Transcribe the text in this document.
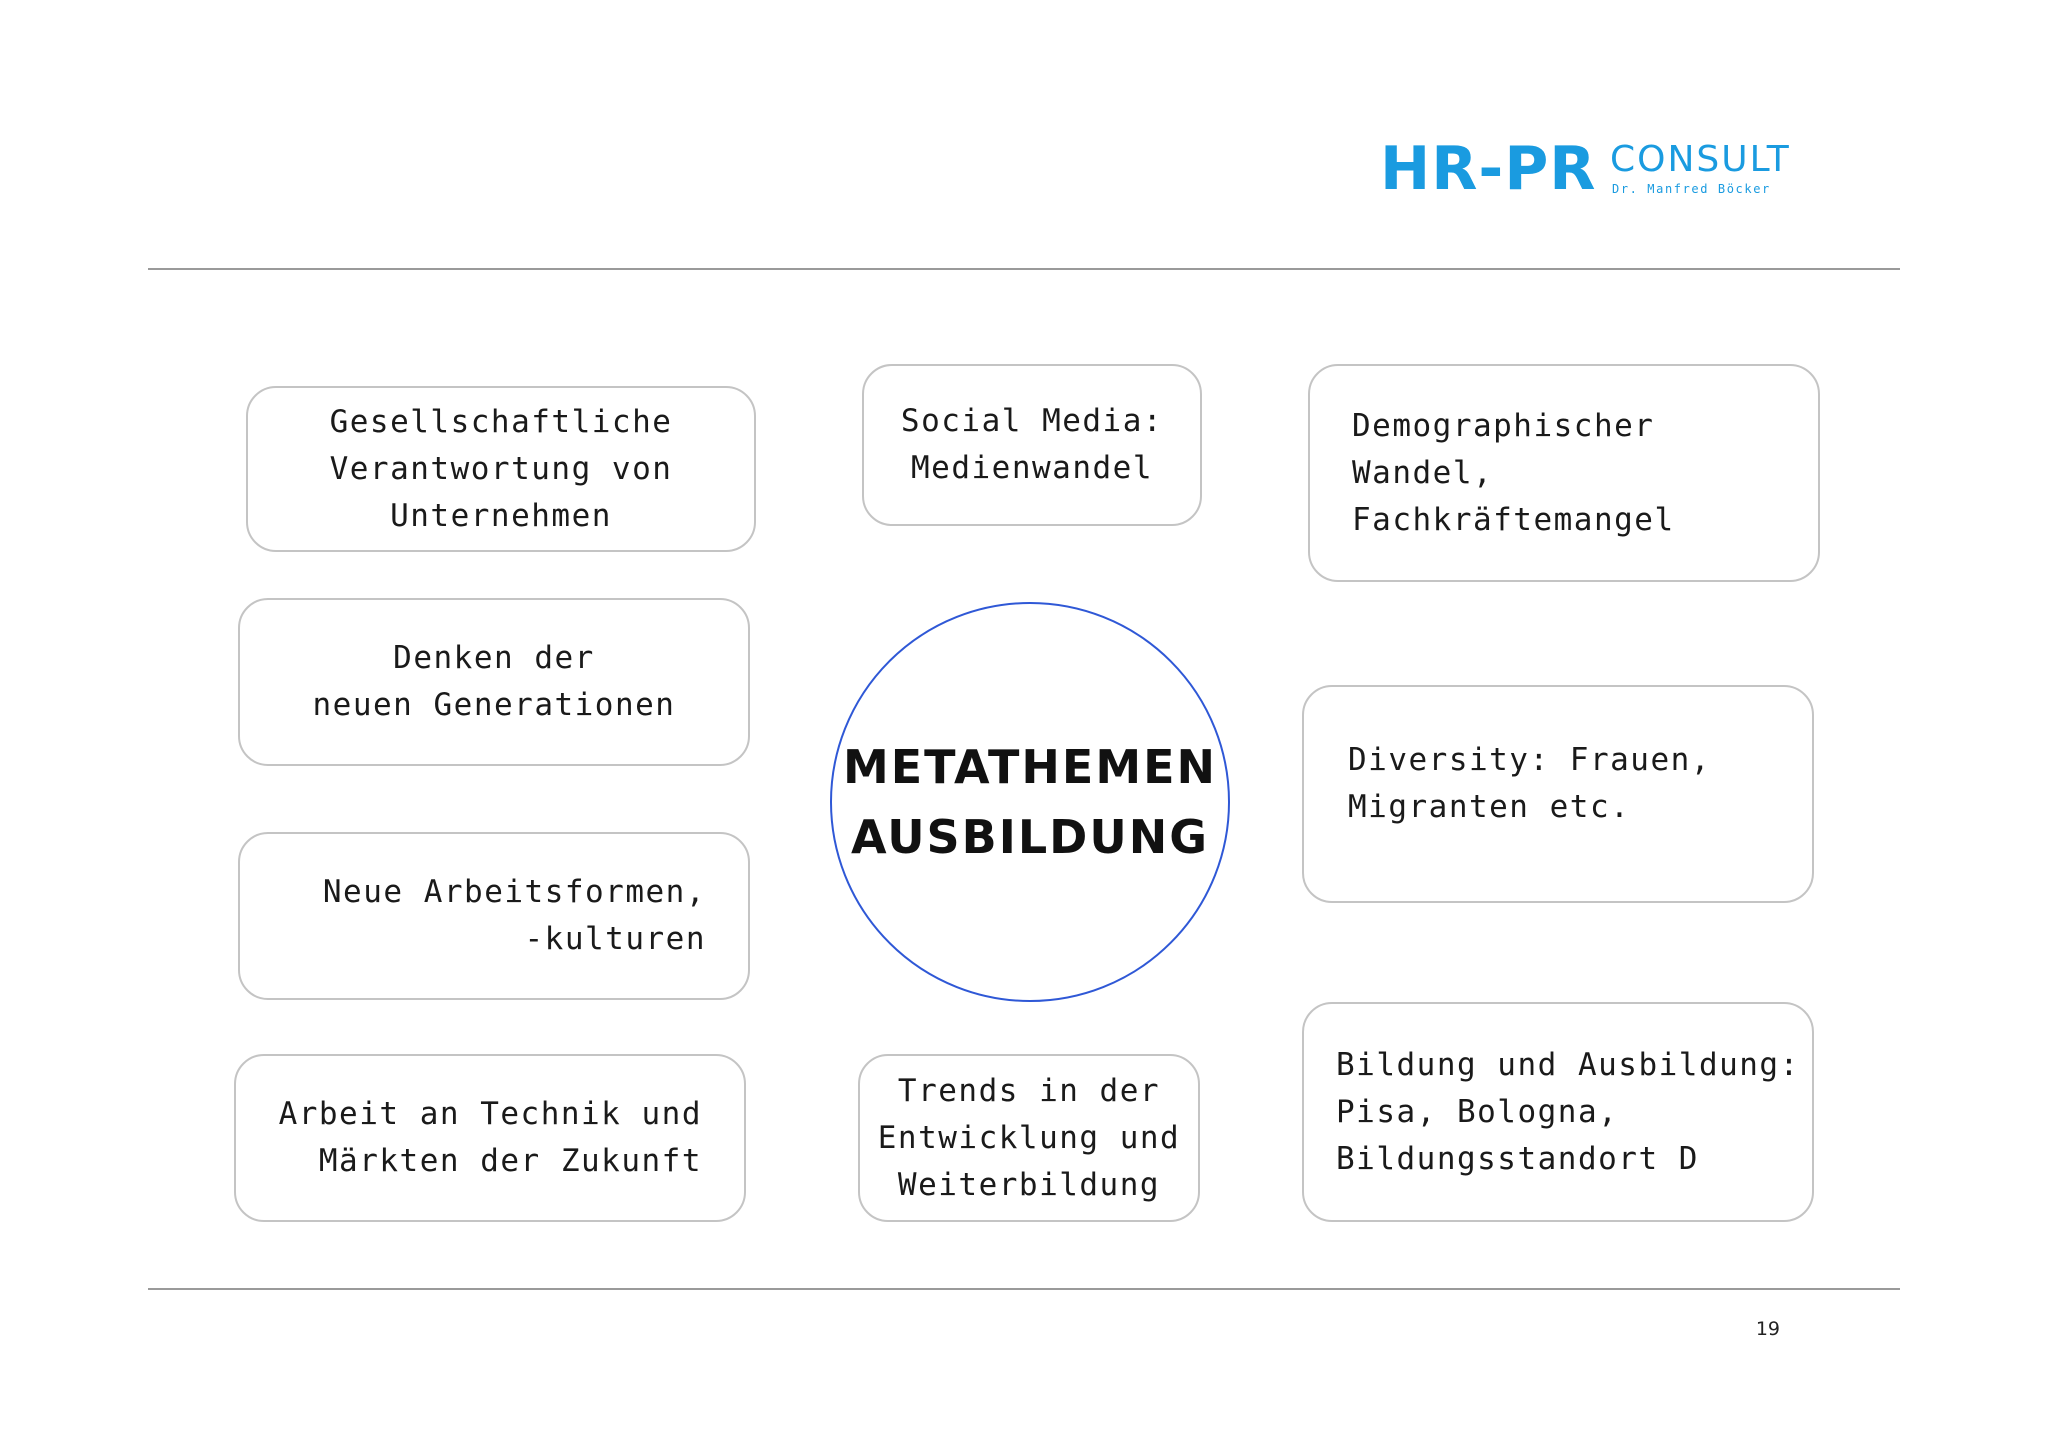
HR-PR CONSULT
Dr. Manfred Böcker
Gesellschaftliche
Verantwortung von
Unternehmen
Social Media:
Medienwandel
Demographischer
Wandel,
Fachkräftemangel
Denken der
neuen Generationen
METATHEMEN
AUSBILDUNG
Diversity: Frauen,
Migranten etc.
Neue Arbeitsformen,
-kulturen
Arbeit an Technik und
Märkten der Zukunft
Trends in der
Entwicklung und
Weiterbildung
Bildung und Ausbildung:
Pisa, Bologna,
Bildungsstandort D
19
